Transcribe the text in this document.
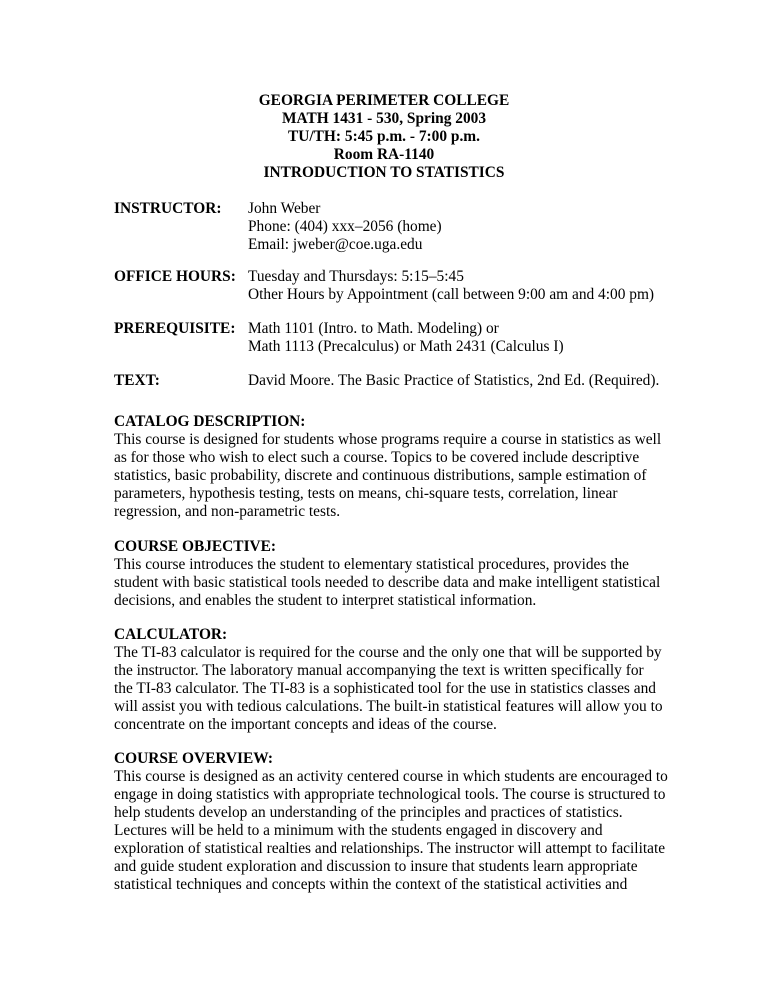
GEORGIA PERIMETER COLLEGE
MATH 1431 - 530, Spring 2003
TU/TH: 5:45 p.m. - 7:00 p.m.
Room RA-1140
INTRODUCTION TO STATISTICS
INSTRUCTOR: John Weber
Phone: (404) xxx–2056 (home)
Email: jweber@coe.uga.edu
OFFICE HOURS: Tuesday and Thursdays: 5:15–5:45
Other Hours by Appointment (call between 9:00 am and 4:00 pm)
PREREQUISITE: Math 1101 (Intro. to Math. Modeling) or
Math 1113 (Precalculus) or Math 2431 (Calculus I)
TEXT:	David Moore. The Basic Practice of Statistics, 2nd Ed. (Required).
CATALOG DESCRIPTION:
This course is designed for students whose programs require a course in statistics as well
as for those who wish to elect such a course. Topics to be covered include descriptive
statistics, basic probability, discrete and continuous distributions, sample estimation of
parameters, hypothesis testing, tests on means, chi-square tests, correlation, linear
regression, and non-parametric tests.
COURSE OBJECTIVE:
This course introduces the student to elementary statistical procedures, provides the
student with basic statistical tools needed to describe data and make intelligent statistical
decisions, and enables the student to interpret statistical information.
CALCULATOR:
The TI-83 calculator is required for the course and the only one that will be supported by
the instructor. The laboratory manual accompanying the text is written specifically for
the TI-83 calculator. The TI-83 is a sophisticated tool for the use in statistics classes and
will assist you with tedious calculations. The built-in statistical features will allow you to
concentrate on the important concepts and ideas of the course.
COURSE OVERVIEW:
This course is designed as an activity centered course in which students are encouraged to
engage in doing statistics with appropriate technological tools. The course is structured to
help students develop an understanding of the principles and practices of statistics.
Lectures will be held to a minimum with the students engaged in discovery and
exploration of statistical realties and relationships. The instructor will attempt to facilitate
and guide student exploration and discussion to insure that students learn appropriate
statistical techniques and concepts within the context of the statistical activities and
